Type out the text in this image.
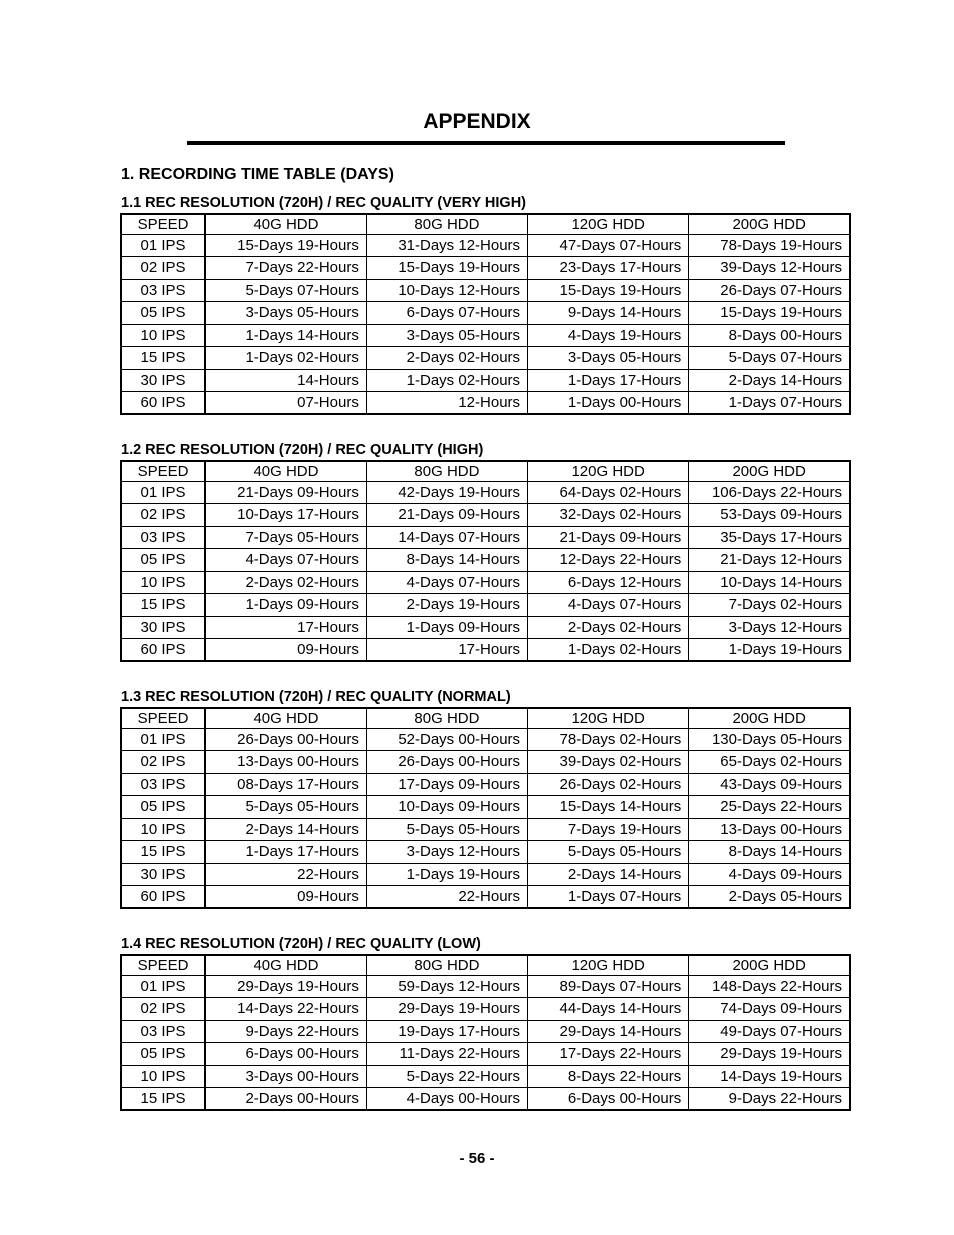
APPENDIX
1. RECORDING TIME TABLE (DAYS)
1.1 REC RESOLUTION (720H) / REC QUALITY (VERY HIGH)
SPEED	40G HDD	80G HDD	120G HDD	200G HDD
01 IPS	15-Days 19-Hours	31-Days 12-Hours	47-Days 07-Hours	78-Days 19-Hours
02 IPS	7-Days 22-Hours	15-Days 19-Hours	23-Days 17-Hours	39-Days 12-Hours
03 IPS	5-Days 07-Hours	10-Days 12-Hours	15-Days 19-Hours	26-Days 07-Hours
05 IPS	3-Days 05-Hours	6-Days 07-Hours	9-Days 14-Hours	15-Days 19-Hours
10 IPS	1-Days 14-Hours	3-Days 05-Hours	4-Days 19-Hours	8-Days 00-Hours
15 IPS	1-Days 02-Hours	2-Days 02-Hours	3-Days 05-Hours	5-Days 07-Hours
30 IPS	14-Hours	1-Days 02-Hours	1-Days 17-Hours	2-Days 14-Hours
60 IPS	07-Hours	12-Hours	1-Days 00-Hours	1-Days 07-Hours
1.2 REC RESOLUTION (720H) / REC QUALITY (HIGH)
SPEED	40G HDD	80G HDD	120G HDD	200G HDD
01 IPS	21-Days 09-Hours	42-Days 19-Hours	64-Days 02-Hours	106-Days 22-Hours
02 IPS	10-Days 17-Hours	21-Days 09-Hours	32-Days 02-Hours	53-Days 09-Hours
03 IPS	7-Days 05-Hours	14-Days 07-Hours	21-Days 09-Hours	35-Days 17-Hours
05 IPS	4-Days 07-Hours	8-Days 14-Hours	12-Days 22-Hours	21-Days 12-Hours
10 IPS	2-Days 02-Hours	4-Days 07-Hours	6-Days 12-Hours	10-Days 14-Hours
15 IPS	1-Days 09-Hours	2-Days 19-Hours	4-Days 07-Hours	7-Days 02-Hours
30 IPS	17-Hours	1-Days 09-Hours	2-Days 02-Hours	3-Days 12-Hours
60 IPS	09-Hours	17-Hours	1-Days 02-Hours	1-Days 19-Hours
1.3 REC RESOLUTION (720H) / REC QUALITY (NORMAL)
SPEED	40G HDD	80G HDD	120G HDD	200G HDD
01 IPS	26-Days 00-Hours	52-Days 00-Hours	78-Days 02-Hours	130-Days 05-Hours
02 IPS	13-Days 00-Hours	26-Days 00-Hours	39-Days 02-Hours	65-Days 02-Hours
03 IPS	08-Days 17-Hours	17-Days 09-Hours	26-Days 02-Hours	43-Days 09-Hours
05 IPS	5-Days 05-Hours	10-Days 09-Hours	15-Days 14-Hours	25-Days 22-Hours
10 IPS	2-Days 14-Hours	5-Days 05-Hours	7-Days 19-Hours	13-Days 00-Hours
15 IPS	1-Days 17-Hours	3-Days 12-Hours	5-Days 05-Hours	8-Days 14-Hours
30 IPS	22-Hours	1-Days 19-Hours	2-Days 14-Hours	4-Days 09-Hours
60 IPS	09-Hours	22-Hours	1-Days 07-Hours	2-Days 05-Hours
1.4 REC RESOLUTION (720H) / REC QUALITY (LOW)
SPEED	40G HDD	80G HDD	120G HDD	200G HDD
01 IPS	29-Days 19-Hours	59-Days 12-Hours	89-Days 07-Hours	148-Days 22-Hours
02 IPS	14-Days 22-Hours	29-Days 19-Hours	44-Days 14-Hours	74-Days 09-Hours
03 IPS	9-Days 22-Hours	19-Days 17-Hours	29-Days 14-Hours	49-Days 07-Hours
05 IPS	6-Days 00-Hours	11-Days 22-Hours	17-Days 22-Hours	29-Days 19-Hours
10 IPS	3-Days 00-Hours	5-Days 22-Hours	8-Days 22-Hours	14-Days 19-Hours
15 IPS	2-Days 00-Hours	4-Days 00-Hours	6-Days 00-Hours	9-Days 22-Hours
- 56 -
